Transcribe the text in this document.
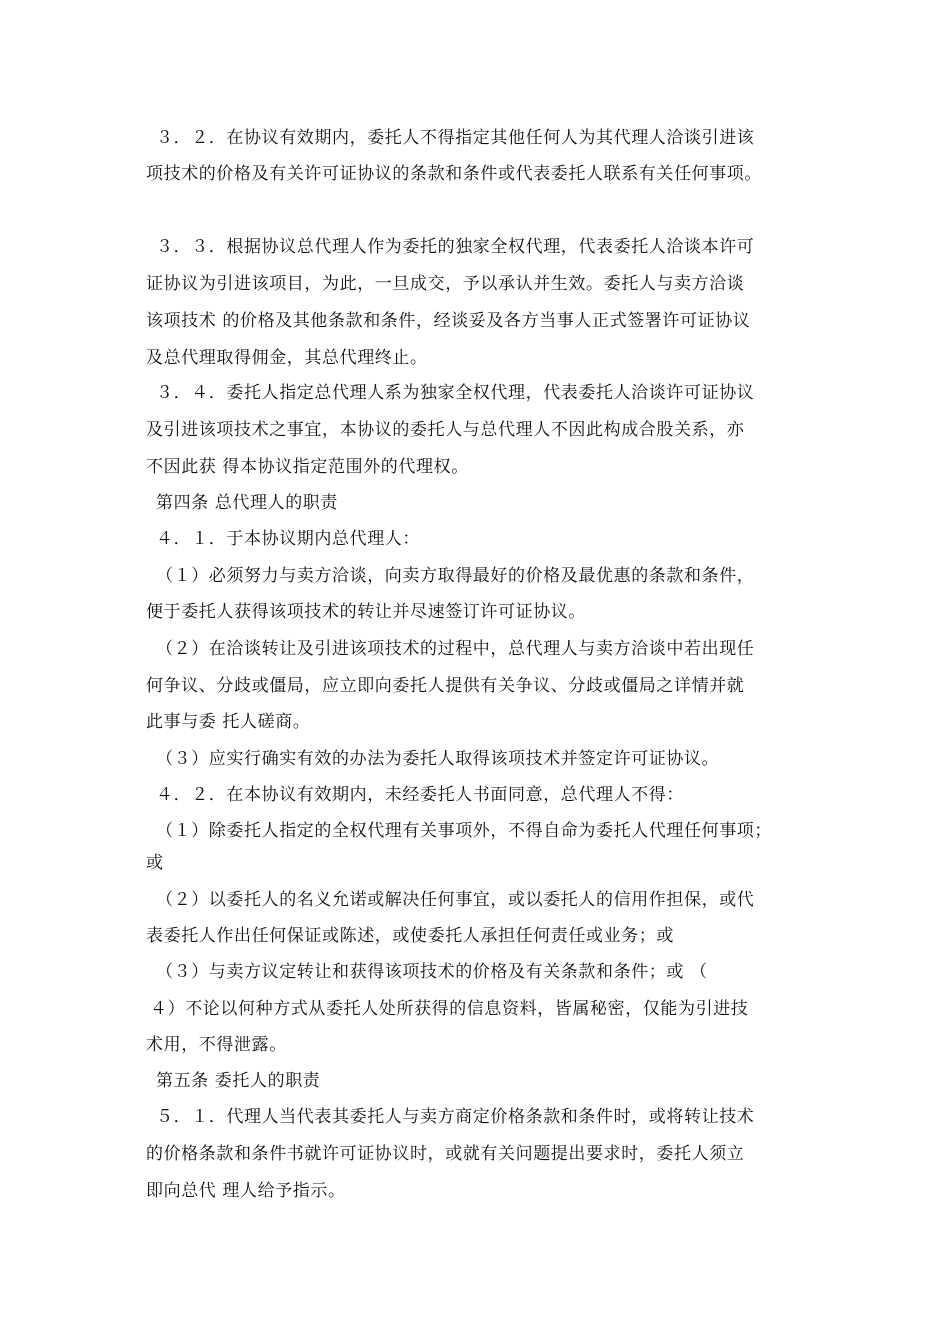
３．２．在协议有效期内，委托人不得指定其他任何人为其代理人洽谈引进该
项技术的价格及有关许可证协议的条款和条件或代表委托人联系有关任何事项。
３．３．根据协议总代理人作为委托的独家全权代理，代表委托人洽谈本许可
证协议为引进该项目，为此，一旦成交，予以承认并生效。委托人与卖方洽谈
该项技术 的价格及其他条款和条件，经谈妥及各方当事人正式签署许可证协议
及总代理取得佣金，其总代理终止。
３．４．委托人指定总代理人系为独家全权代理，代表委托人洽谈许可证协议
及引进该项技术之事宜，本协议的委托人与总代理人不因此构成合股关系，亦
不因此获 得本协议指定范围外的代理权。
第四条 总代理人的职责
４．１．于本协议期内总代理人：
（１）必须努力与卖方洽谈，向卖方取得最好的价格及最优惠的条款和条件，
便于委托人获得该项技术的转让并尽速签订许可证协议。
（２）在洽谈转让及引进该项技术的过程中，总代理人与卖方洽谈中若出现任
何争议、分歧或僵局，应立即向委托人提供有关争议、分歧或僵局之详情并就
此事与委 托人磋商。
（３）应实行确实有效的办法为委托人取得该项技术并签定许可证协议。
４．２．在本协议有效期内，未经委托人书面同意，总代理人不得：
（１）除委托人指定的全权代理有关事项外，不得自命为委托人代理任何事项；
或
（２）以委托人的名义允诺或解决任何事宜，或以委托人的信用作担保，或代
表委托人作出任何保证或陈述，或使委托人承担任何责任或业务；或
（３）与卖方议定转让和获得该项技术的价格及有关条款和条件；或 （
４）不论以何种方式从委托人处所获得的信息资料，皆属秘密，仅能为引进技
术用，不得泄露。
第五条 委托人的职责
５．１．代理人当代表其委托人与卖方商定价格条款和条件时，或将转让技术
的价格条款和条件书就许可证协议时，或就有关问题提出要求时，委托人须立
即向总代 理人给予指示。
